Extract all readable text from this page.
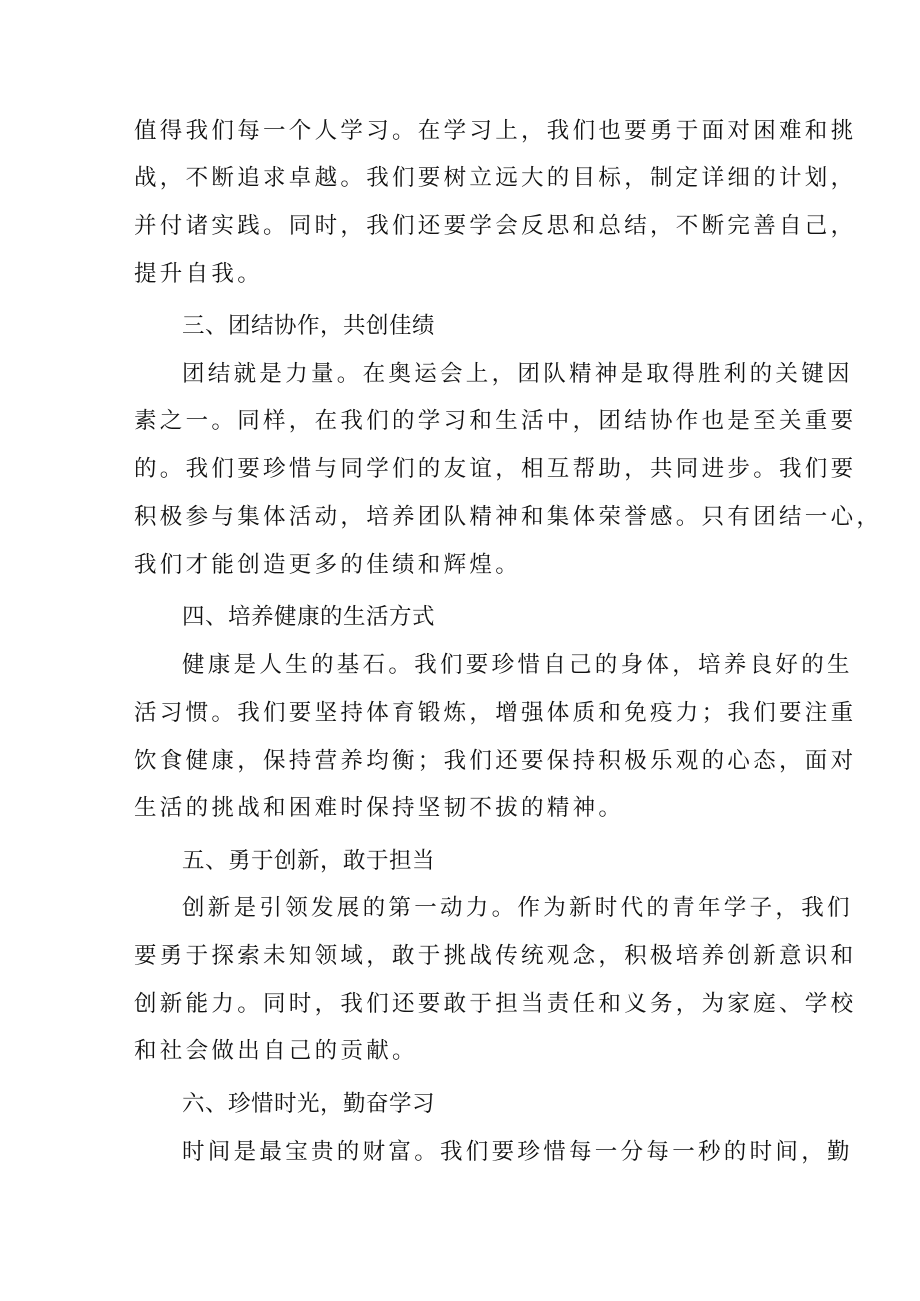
值得我们每一个人学习。在学习上，我们也要勇于面对困难和挑
战，不断追求卓越。我们要树立远大的目标，制定详细的计划，
并付诸实践。同时，我们还要学会反思和总结，不断完善自己，
提升自我。
三、团结协作，共创佳绩
团结就是力量。在奥运会上，团队精神是取得胜利的关键因
素之一。同样，在我们的学习和生活中，团结协作也是至关重要
的。我们要珍惜与同学们的友谊，相互帮助，共同进步。我们要
积极参与集体活动，培养团队精神和集体荣誉感。只有团结一心，
我们才能创造更多的佳绩和辉煌。
四、培养健康的生活方式
健康是人生的基石。我们要珍惜自己的身体，培养良好的生
活习惯。我们要坚持体育锻炼，增强体质和免疫力；我们要注重
饮食健康，保持营养均衡；我们还要保持积极乐观的心态，面对
生活的挑战和困难时保持坚韧不拔的精神。
五、勇于创新，敢于担当
创新是引领发展的第一动力。作为新时代的青年学子，我们
要勇于探索未知领域，敢于挑战传统观念，积极培养创新意识和
创新能力。同时，我们还要敢于担当责任和义务，为家庭、学校
和社会做出自己的贡献。
六、珍惜时光，勤奋学习
时间是最宝贵的财富。我们要珍惜每一分每一秒的时间，勤
